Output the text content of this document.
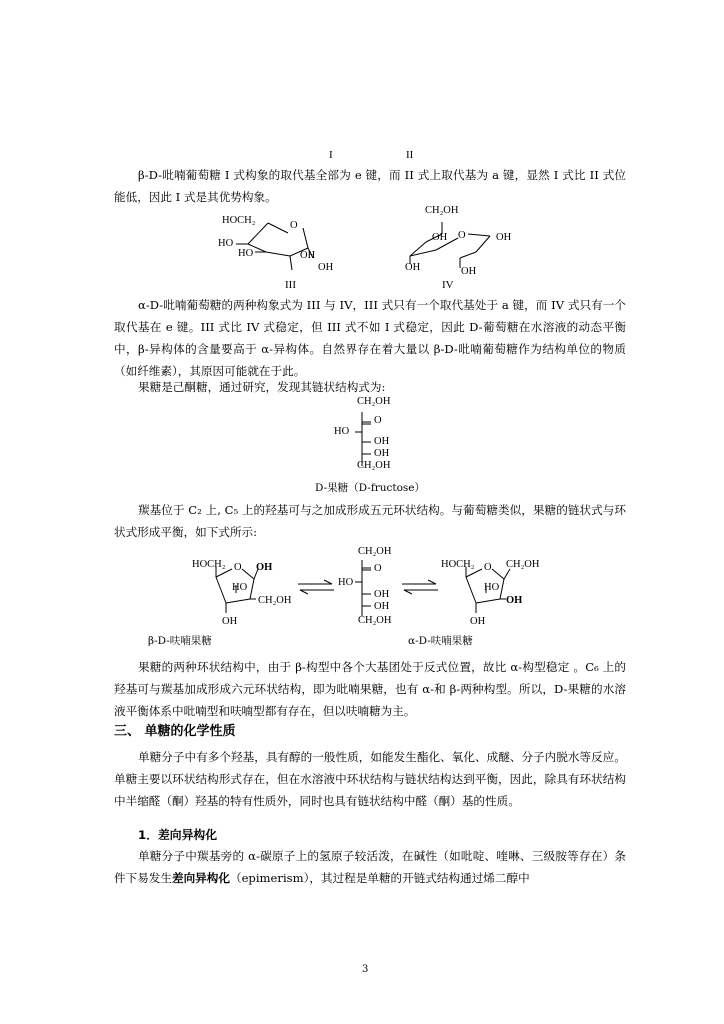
I	II

β-D-吡喃葡萄糖 I 式构象的取代基全部为 e 键，而 II 式上取代基为 a 键，显然 I 式比 II 式位能低，因此 I 式是其优势构象。

HOCH₂	O
HO
HO	OH
OH
III
CH₂OH
OH O	OH
OH	OH
IV

α-D-吡喃葡萄糖的两种构象式为 III 与 IV，III 式只有一个取代基处于 a 键，而 IV 式只有一个取代基在 e 键。III 式比 IV 式稳定，但 III 式不如 I 式稳定，因此 D-葡萄糖在水溶液的动态平衡中，β-异构体的含量要高于 α-异构体。自然界存在着大量以 β-D-吡喃葡萄糖作为结构单位的物质（如纤维素），其原因可能就在于此。

果糖是己酮糖，通过研究，发现其链状结构式为:

CH₂OH
O
HO
OH
OH
CH₂OH
D-果糖（D-fructose）

羰基位于 C₂ 上, C₅ 上的羟基可与之加成形成五元环状结构。与葡萄糖类似，果糖的链状式与环状式形成平衡，如下式所示:

HOCH₂ O OH
HO
CH₂OH
OH
β-D-呋喃果糖
CH₂OH
O
HO
OH
OH
CH₂OH
HOCH₂ O CH₂OH
HO
OH
OH
α-D-呋喃果糖

果糖的两种环状结构中，由于 β-构型中各个大基团处于反式位置，故比 α-构型稳定 。C₆ 上的羟基可与羰基加成形成六元环状结构，即为吡喃果糖，也有 α-和 β-两种构型。所以，D-果糖的水溶液平衡体系中吡喃型和呋喃型都有存在，但以呋喃糖为主。

三、 单糖的化学性质

单糖分子中有多个羟基，具有醇的一般性质，如能发生酯化、氧化、成醚、分子内脱水等反应。单糖主要以环状结构形式存在，但在水溶液中环状结构与链状结构达到平衡，因此，除具有环状结构中半缩醛（酮）羟基的特有性质外，同时也具有链状结构中醛（酮）基的性质。

1．差向异构化

单糖分子中羰基旁的 α-碳原子上的氢原子较活泼，在碱性（如吡啶、喹啉、三级胺等存在）条件下易发生差向异构化（epimerism），其过程是单糖的开链式结构通过烯二醇中

3
